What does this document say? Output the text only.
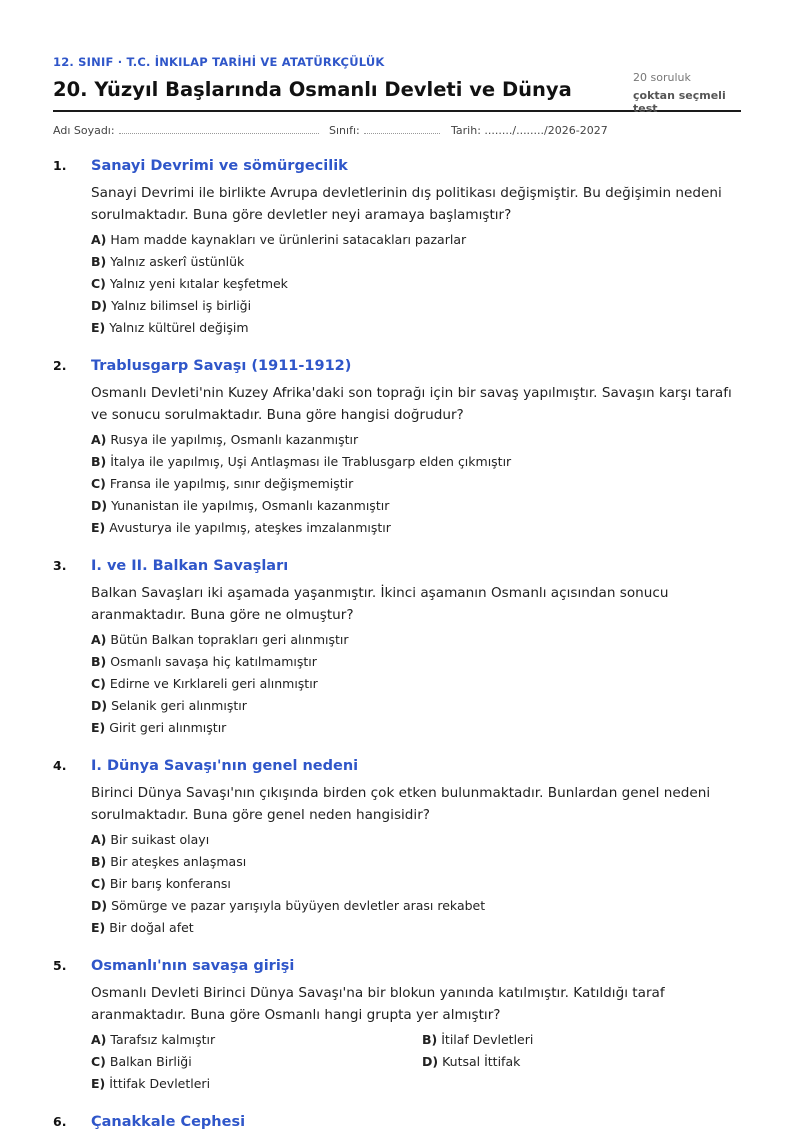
12. SINIF · T.C. İNKILAP TARİHİ VE ATATÜRKÇÜLÜK
20. Yüzyıl Başlarında Osmanlı Devleti ve Dünya
20 soruluk
çoktan seçmeli test
Adı Soyadı:	Sınıfı:	Tarih: ......../......../2026-2027
1. Sanayi Devrimi ve sömürgecilik
Sanayi Devrimi ile birlikte Avrupa devletlerinin dış politikası değişmiştir. Bu değişimin nedeni sorulmaktadır. Buna göre devletler neyi aramaya başlamıştır?
A) Ham madde kaynakları ve ürünlerini satacakları pazarlar
B) Yalnız askerî üstünlük
C) Yalnız yeni kıtalar keşfetmek
D) Yalnız bilimsel iş birliği
E) Yalnız kültürel değişim
2. Trablusgarp Savaşı (1911-1912)
Osmanlı Devleti'nin Kuzey Afrika'daki son toprağı için bir savaş yapılmıştır. Savaşın karşı tarafı ve sonucu sorulmaktadır. Buna göre hangisi doğrudur?
A) Rusya ile yapılmış, Osmanlı kazanmıştır
B) İtalya ile yapılmış, Uşi Antlaşması ile Trablusgarp elden çıkmıştır
C) Fransa ile yapılmış, sınır değişmemiştir
D) Yunanistan ile yapılmış, Osmanlı kazanmıştır
E) Avusturya ile yapılmış, ateşkes imzalanmıştır
3. I. ve II. Balkan Savaşları
Balkan Savaşları iki aşamada yaşanmıştır. İkinci aşamanın Osmanlı açısından sonucu aranmaktadır. Buna göre ne olmuştur?
A) Bütün Balkan toprakları geri alınmıştır
B) Osmanlı savaşa hiç katılmamıştır
C) Edirne ve Kırklareli geri alınmıştır
D) Selanik geri alınmıştır
E) Girit geri alınmıştır
4. I. Dünya Savaşı'nın genel nedeni
Birinci Dünya Savaşı'nın çıkışında birden çok etken bulunmaktadır. Bunlardan genel nedeni sorulmaktadır. Buna göre genel neden hangisidir?
A) Bir suikast olayı
B) Bir ateşkes anlaşması
C) Bir barış konferansı
D) Sömürge ve pazar yarışıyla büyüyen devletler arası rekabet
E) Bir doğal afet
5. Osmanlı'nın savaşa girişi
Osmanlı Devleti Birinci Dünya Savaşı'na bir blokun yanında katılmıştır. Katıldığı taraf aranmaktadır. Buna göre Osmanlı hangi grupta yer almıştır?
A) Tarafsız kalmıştır	B) İtilaf Devletleri
C) Balkan Birliği	D) Kutsal İttifak
E) İttifak Devletleri
6. Çanakkale Cephesi
